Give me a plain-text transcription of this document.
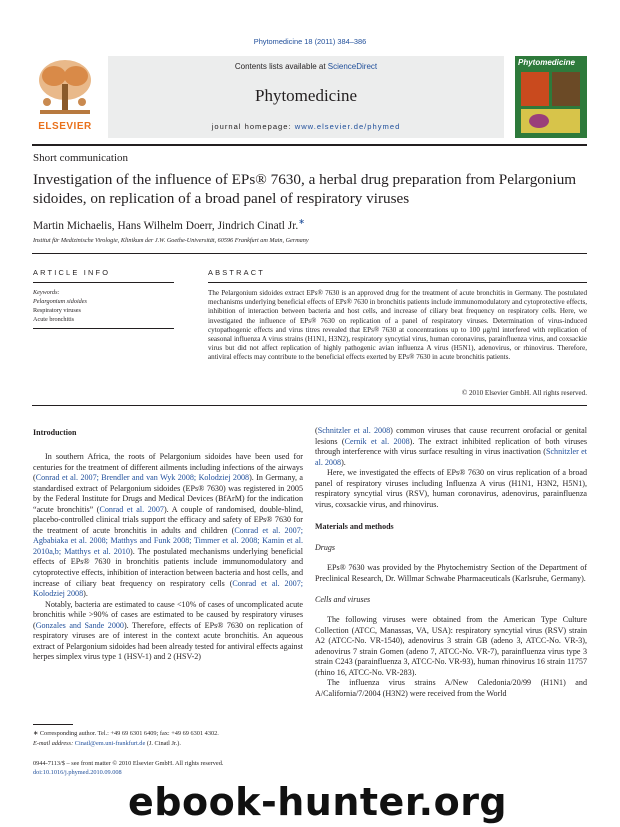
Phytomedicine 18 (2011) 384–386
ELSEVIER
Contents lists available at ScienceDirect
Phytomedicine
journal homepage: www.elsevier.de/phymed
Phytomedicine
Short communication
Investigation of the influence of EPs® 7630, a herbal drug preparation from Pelargonium sidoides, on replication of a broad panel of respiratory viruses
Martin Michaelis, Hans Wilhelm Doerr, Jindrich Cinatl Jr.∗
Institut für Medizinische Virologie, Klinikum der J.W. Goethe-Universität, 60596 Frankfurt am Main, Germany
ARTICLE INFO
Keywords:
Pelargonium sidoides
Respiratory viruses
Acute bronchitis
ABSTRACT
The Pelargonium sidoides extract EPs® 7630 is an approved drug for the treatment of acute bronchitis in Germany. The postulated mechanisms underlying beneficial effects of EPs® 7630 in bronchitis patients include immunomodulatory and cytoprotective effects, inhibition of interaction between bacteria and host cells, and increase of ciliary beat frequency on respiratory cells. Here, we investigated the influence of EPs® 7630 on replication of a panel of respiratory viruses. Determination of virus-induced cytopathogenic effects and virus titres revealed that EPs® 7630 at concentrations up to 100 μg/ml interfered with replication of seasonal influenza A virus strains (H1N1, H3N2), respiratory syncytial virus, human coronavirus, parainfluenza virus, and coxsackie virus but did not affect replication of highly pathogenic avian influenza A virus (H5N1), adenovirus, or rhinovirus. Therefore, antiviral effects may contribute to the beneficial effects exerted by EPs® 7630 in acute bronchitis patients.
© 2010 Elsevier GmbH. All rights reserved.
Introduction

In southern Africa, the roots of Pelargonium sidoides have been used for centuries for the treatment of different ailments including infections of the airways (Conrad et al. 2007; Brendler and van Wyk 2008; Kolodziej 2008). In Germany, a standardised extract of Pelargonium sidoides (EPs® 7630) was registered in 2005 by the Federal Institute for Drugs and Medical Devices (BfArM) for the indication “acute bronchitis” (Conrad et al. 2007). A couple of randomised, double-blind, placebo-controlled clinical trials support the efficacy and safety of EPs® 7630 for the treatment of acute bronchitis in adults and children (Conrad et al. 2007; Agbabiaka et al. 2008; Matthys and Funk 2008; Timmer et al. 2008; Kamin et al. 2010a,b; Matthys et al. 2010). The postulated mechanisms underlying beneficial effects of EPs® 7630 in bronchitis patients include immunomodulatory and cytoprotective effects, inhibition of interaction between bacteria and host cells, and increase of ciliary beat frequency on respiratory cells (Conrad et al. 2007; Kolodziej 2008).

Notably, bacteria are estimated to cause <10% of cases of uncomplicated acute bronchitis while >90% of cases are estimated to be caused by respiratory viruses (Gonzales and Sande 2000). Therefore, effects of EPs® 7630 on replication of respiratory viruses are of interest in the context acute bronchitis. An aqueous extract of Pelargonium sidoides had been already tested for antiviral effects against herpes simplex virus type 1 (HSV-1) and 2 (HSV-2)

(Schnitzler et al. 2008) common viruses that cause recurrent orofacial or genital lesions (Cernik et al. 2008). The extract inhibited replication of both viruses through interference with virus surface resulting in virus inactivation (Schnitzler et al. 2008).

Here, we investigated the effects of EPs® 7630 on virus replication of a broad panel of respiratory viruses including Influenza A virus (H1N1, H3N2, H5N1), respiratory syncytial virus (RSV), human coronavirus, adenovirus, parainfluenza virus, coxsackie virus, and rhinovirus.

Materials and methods
Drugs

EPs® 7630 was provided by the Phytochemistry Section of the Department of Preclinical Research, Dr. Willmar Schwabe Pharmaceuticals (Karlsruhe, Germany).

Cells and viruses

The following viruses were obtained from the American Type Culture Collection (ATCC, Manassas, VA, USA): respiratory syncytial virus (RSV) strain A2 (ATCC-No. VR-1540), adenovirus 3 strain GB (adeno 3, ATCC-No. VR-3), adenovirus 7 strain Gomen (adeno 7, ATCC-No. VR-7), parainfluenza virus type 3 strain C243 (parainfluenza 3, ATCC-No. VR-93), human rhinovirus 16 strain 11757 (rhino 16, ATCC-No. VR-283).

The influenza virus strains A/New Caledonia/20/99 (H1N1) and A/California/7/2004 (H3N2) were received from the World

∗ Corresponding author. Tel.: +49 69 6301 6409; fax: +49 69 6301 4302.
E-mail address: Cinatl@em.uni-frankfurt.de (J. Cinatl Jr.).
0944-7113/$ – see front matter © 2010 Elsevier GmbH. All rights reserved.
doi:10.1016/j.phymed.2010.09.008
ebook-hunter.org
